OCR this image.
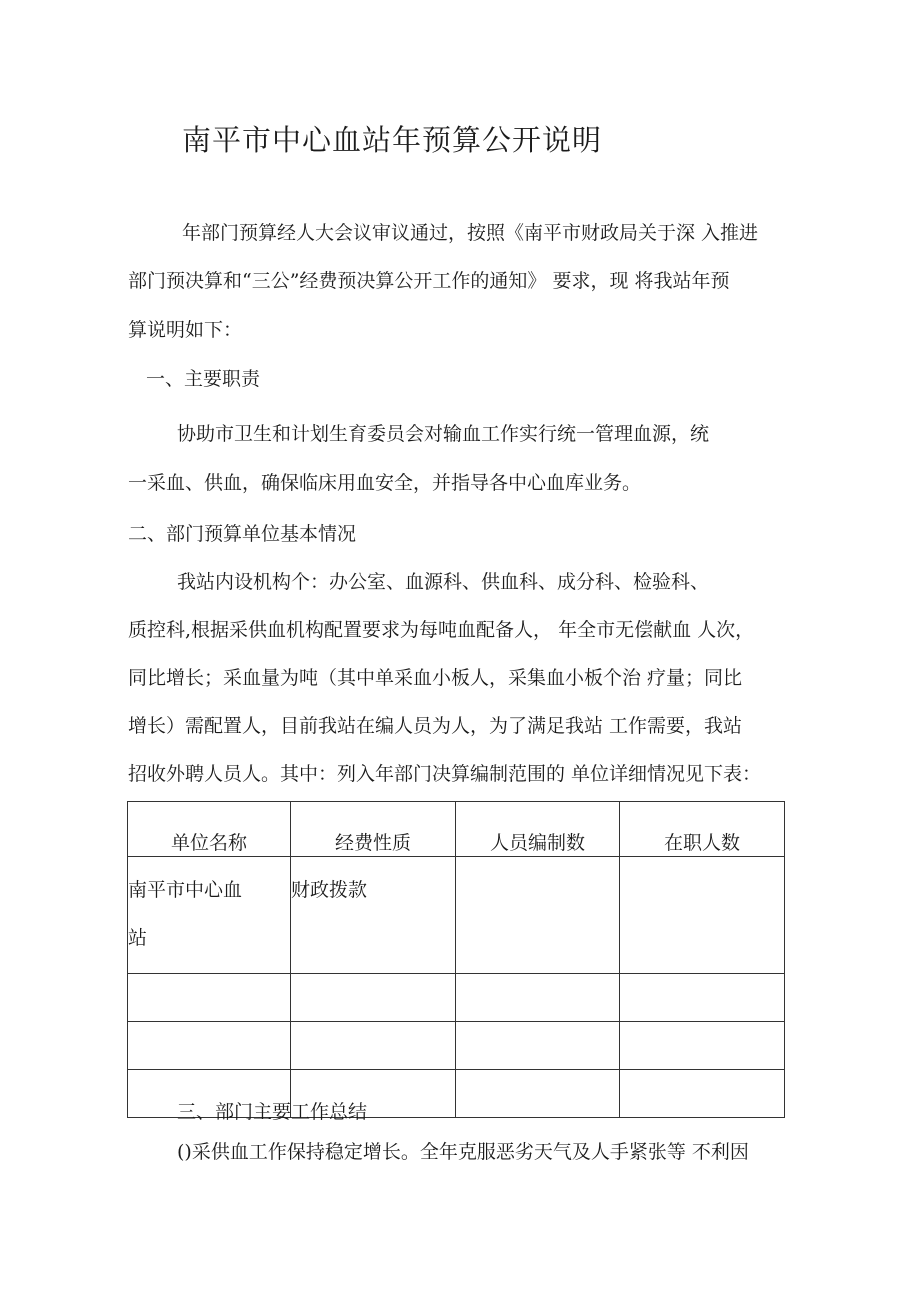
南平市中心血站年预算公开说明
年部门预算经人大会议审议通过，按照《南平市财政局关于深 入推进
部门预决算和“三公”经费预决算公开工作的通知》 要求，现 将我站年预
算说明如下：
一、主要职责
协助市卫生和计划生育委员会对输血工作实行统一管理血源，统
一采血、供血，确保临床用血安全，并指导各中心血库业务。
二、部门预算单位基本情况
我站内设机构个：办公室、血源科、供血科、成分科、检验科、
质控科,根据采供血机构配置要求为每吨血配备人， 年全市无偿献血 人次，
同比增长；采血量为吨（其中单采血小板人，采集血小板个治 疗量；同比
增长）需配置人，目前我站在编人员为人，为了满足我站 工作需要，我站
招收外聘人员人。其中：列入年部门决算编制范围的 单位详细情况见下表：
单位名称	经费性质	人员编制数	在职人数

南平市中心血
站	财政拨款		

三、部门主要工作总结
()采供血工作保持稳定增长。全年克服恶劣天气及人手紧张等 不利因
